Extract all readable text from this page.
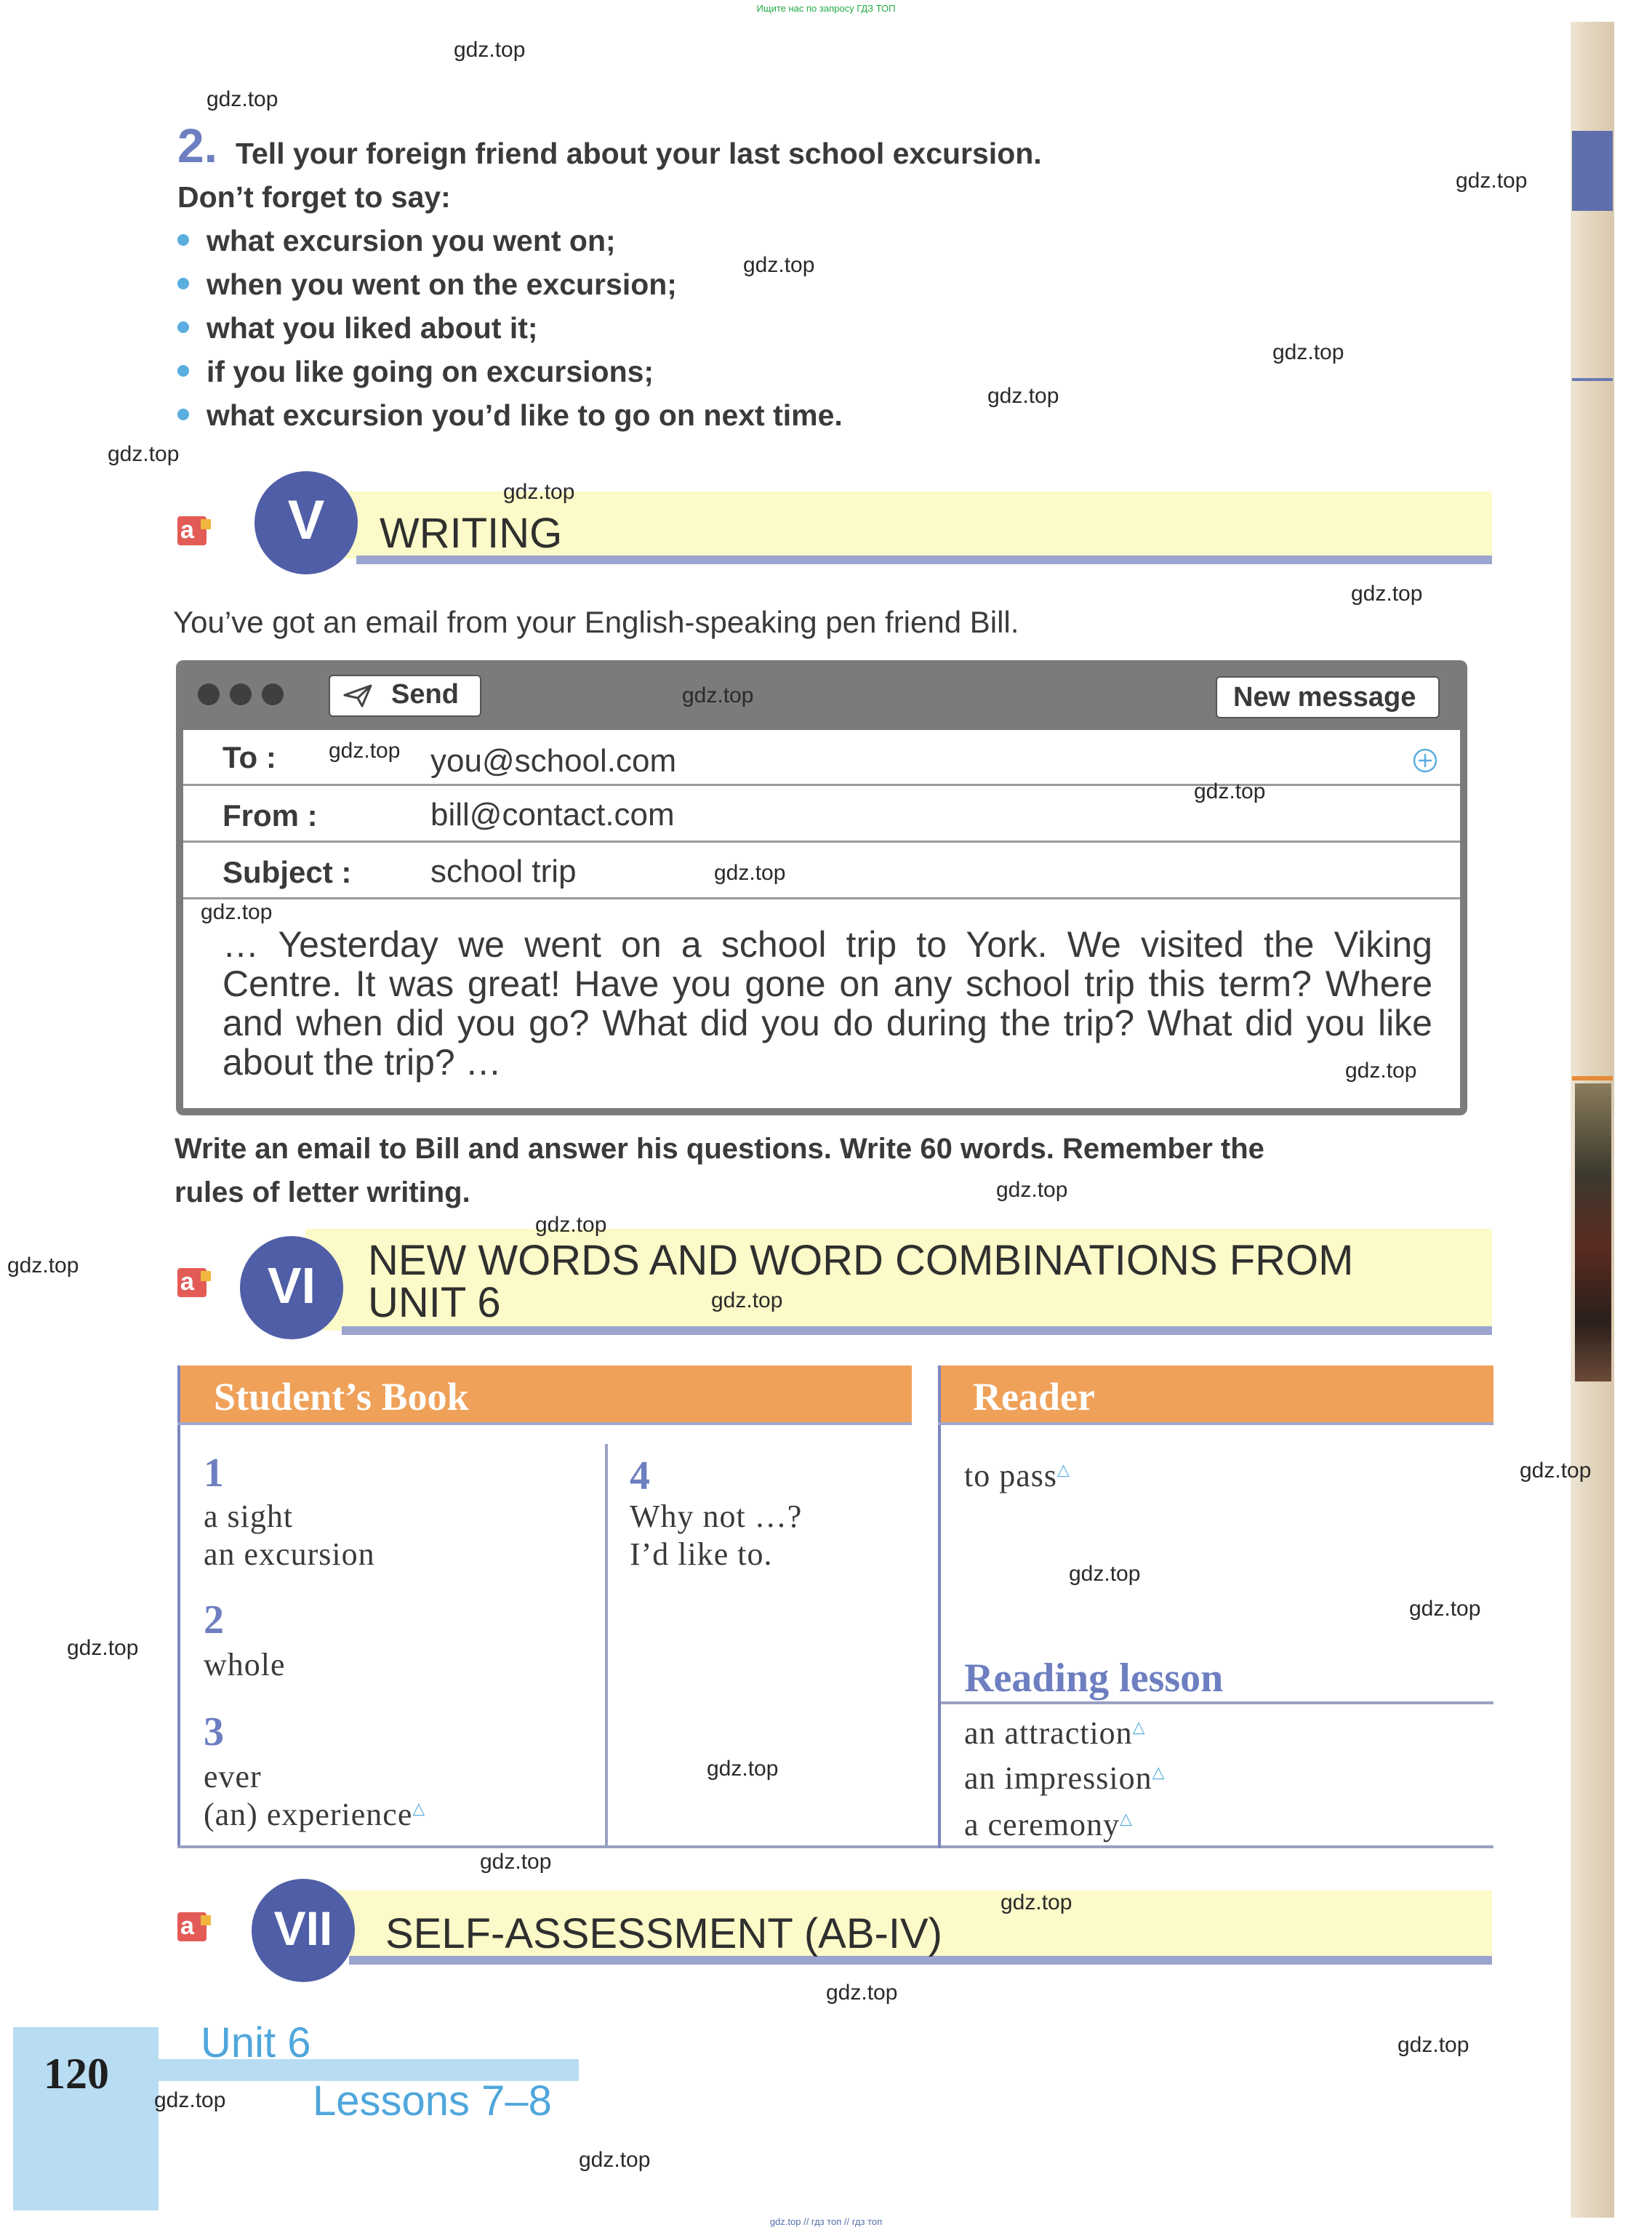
Ищите нас по запросу ГДЗ ТОП
2. Tell your foreign friend about your last school excursion.
Don’t forget to say:
what excursion you went on;
when you went on the excursion;
what you liked about it;
if you like going on excursions;
what excursion you’d like to go on next time.
a	V	WRITING
You’ve got an email from your English-speaking pen friend Bill.
Send	New message
To :	you@school.com
From :	bill@contact.com
Subject : school trip
… Yesterday we went on a school trip to York. We visited the Viking Centre. It was great! Have you gone on any school trip this term? Where and when did you go? What did you do during the trip? What did you like about the trip? …
Write an email to Bill and answer his questions. Write 60 words. Remember the
rules of letter writing.
a	VI	NEW WORDS AND WORD COMBINATIONS FROM
UNIT 6
Student’s Book
1
a sight
an excursion
2
whole
3
ever
(an) experience△
4
Why not …?
I’d like to.
Reader
to pass△
Reading lesson
an attraction△
an impression△
a ceremony△
a	VII	SELF-ASSESSMENT (AB-IV)
120
Unit 6
Lessons 7–8
gdz.top // гдз топ // гдз топ
gdz.top
gdz.top
gdz.top
gdz.top
gdz.top
gdz.top
gdz.top
gdz.top
gdz.top
gdz.top
gdz.top
gdz.top
gdz.top
gdz.top
gdz.top
gdz.top
gdz.top
gdz.top
gdz.top
gdz.top
gdz.top
gdz.top
gdz.top
gdz.top
gdz.top
gdz.top
gdz.top
gdz.top
gdz.top
gdz.top
